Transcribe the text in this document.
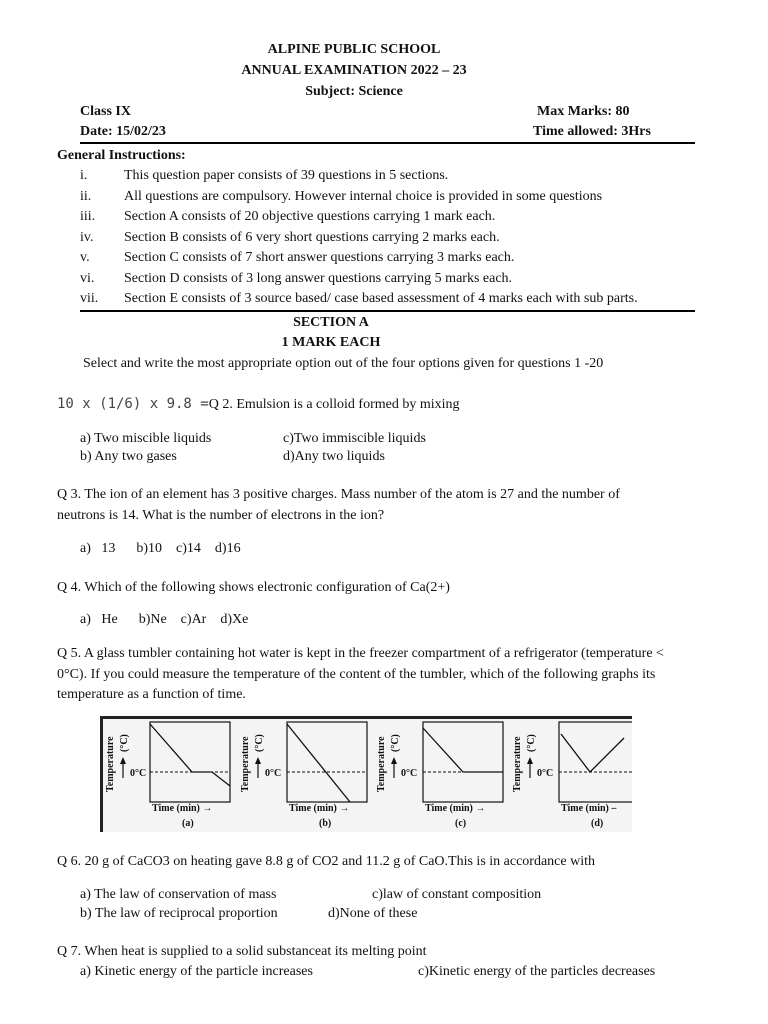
ALPINE PUBLIC SCHOOL
ANNUAL EXAMINATION 2022 – 23
Subject: Science
Class IX	Max Marks: 80
Date: 15/02/23	Time allowed: 3Hrs
General Instructions:
i.	This question paper consists of 39 questions in 5 sections.
ii. All questions are compulsory. However internal choice is provided in some questions
iii. Section A consists of 20 objective questions carrying 1 mark each.
iv. Section B consists of 6 very short questions carrying 2 marks each.
v. Section C consists of 7 short answer questions carrying 3 marks each.
vi. Section D consists of 3 long answer questions carrying 5 marks each.
vii. Section E consists of 3 source based/ case based assessment of 4 marks each with sub parts.
SECTION A
1 MARK EACH
Select and write the most appropriate option out of the four options given for questions 1 -20
10 x (1/6) x 9.8 =Q 2. Emulsion is a colloid formed by mixing
a) Two miscible liquids	c)Two immiscible liquids
b) Any two gases	d)Any two liquids
Q 3. The ion of an element has 3 positive charges. Mass number of the atom is 27 and the number of
neutrons is 14. What is the number of electrons in the ion?
a)   13      b)10    c)14    d)16
Q 4. Which of the following shows electronic configuration of Ca(2+)
a)   He      b)Ne    c)Ar    d)Xe
Q 5. A glass tumbler containing hot water is kept in the freezer compartment of a refrigerator (temperature <
0°C). If you could measure the temperature of the content of the tumbler, which of the following graphs its
temperature as a function of time.
Temperature (°C)
0°C
Time (min) →
(a)
Temperature (°C)
0°C
Time (min) →
(b)
Temperature (°C)
0°C
Time (min) →
(c)
Temperature (°C)
0°C
Time (min) –
(d)
Q 6. 20 g of CaCO3 on heating gave 8.8 g of CO2 and 11.2 g of CaO.This is in accordance with
a) The law of conservation of mass	c)law of constant composition
b) The law of reciprocal proportion	d)None of these
Q 7. When heat is supplied to a solid substanceat its melting point
a) Kinetic energy of the particle increases	c)Kinetic energy of the particles decreases
